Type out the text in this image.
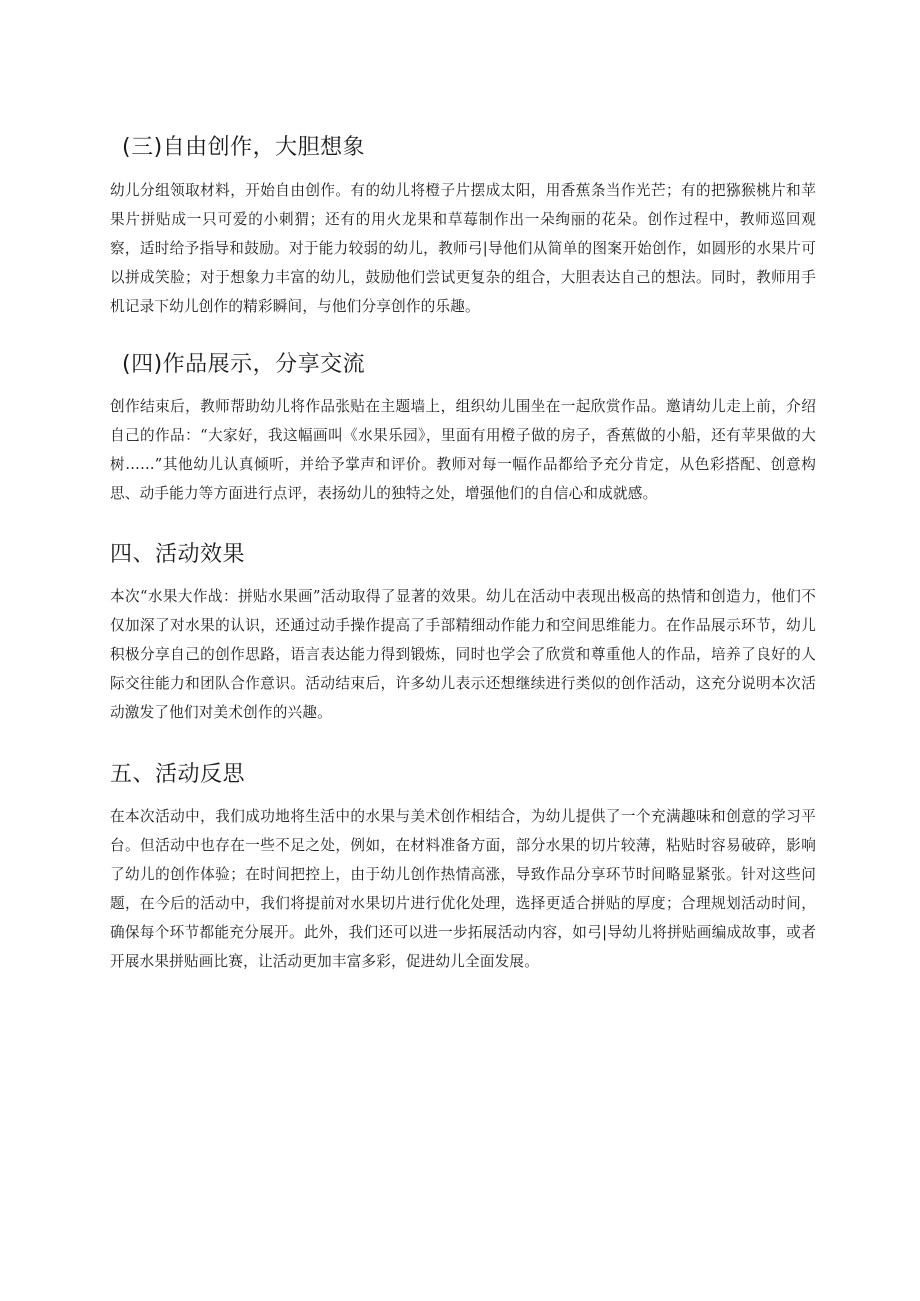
(三)自由创作，大胆想象

幼儿分组领取材料，开始自由创作。有的幼儿将橙子片摆成太阳，用香蕉条当作光芒；有的把猕猴桃片和苹果片拼贴成一只可爱的小刺猬；还有的用火龙果和草莓制作出一朵绚丽的花朵。创作过程中，教师巡回观察，适时给予指导和鼓励。对于能力较弱的幼儿，教师弓|导他们从简单的图案开始创作，如圆形的水果片可以拼成笑脸；对于想象力丰富的幼儿，鼓励他们尝试更复杂的组合，大胆表达自己的想法。同时，教师用手机记录下幼儿创作的精彩瞬间，与他们分享创作的乐趣。

(四)作品展示，分享交流

创作结束后，教师帮助幼儿将作品张贴在主题墙上，组织幼儿围坐在一起欣赏作品。邀请幼儿走上前，介绍自己的作品：“大家好，我这幅画叫《水果乐园》，里面有用橙子做的房子，香蕉做的小船，还有苹果做的大树……”其他幼儿认真倾听，并给予掌声和评价。教师对每一幅作品都给予充分肯定，从色彩搭配、创意构思、动手能力等方面进行点评，表扬幼儿的独特之处，增强他们的自信心和成就感。

四、活动效果

本次“水果大作战：拼贴水果画”活动取得了显著的效果。幼儿在活动中表现出极高的热情和创造力，他们不仅加深了对水果的认识，还通过动手操作提高了手部精细动作能力和空间思维能力。在作品展示环节，幼儿积极分享自己的创作思路，语言表达能力得到锻炼，同时也学会了欣赏和尊重他人的作品，培养了良好的人际交往能力和团队合作意识。活动结束后，许多幼儿表示还想继续进行类似的创作活动，这充分说明本次活动激发了他们对美术创作的兴趣。

五、活动反思

在本次活动中，我们成功地将生活中的水果与美术创作相结合，为幼儿提供了一个充满趣味和创意的学习平台。但活动中也存在一些不足之处，例如，在材料准备方面，部分水果的切片较薄，粘贴时容易破碎，影响了幼儿的创作体验；在时间把控上，由于幼儿创作热情高涨，导致作品分享环节时间略显紧张。针对这些问题，在今后的活动中，我们将提前对水果切片进行优化处理，选择更适合拼贴的厚度；合理规划活动时间，确保每个环节都能充分展开。此外，我们还可以进一步拓展活动内容，如弓|导幼儿将拼贴画编成故事，或者开展水果拼贴画比赛，让活动更加丰富多彩，促进幼儿全面发展。
